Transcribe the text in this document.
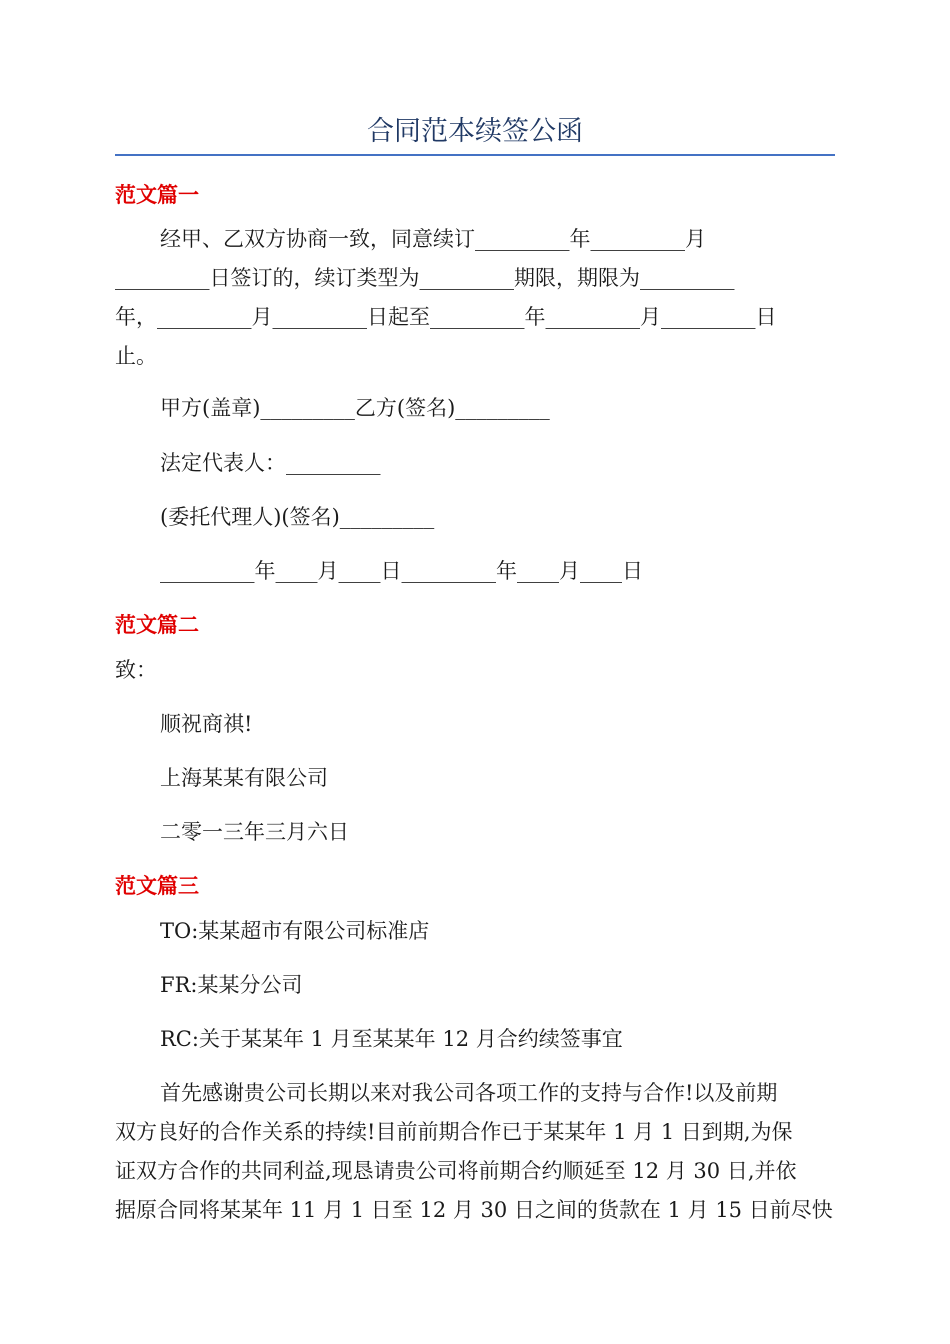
合同范本续签公函
范文篇一
经甲、乙双方协商一致，同意续订_________年_________月
_________日签订的，续订类型为_________期限，期限为_________
年，_________月_________日起至_________年_________月_________日
止。
甲方(盖章)_________乙方(签名)_________
法定代表人：_________
(委托代理人)(签名)_________
_________年____月____日_________年____月____日
范文篇二
致：
顺祝商祺!
上海某某有限公司
二零一三年三月六日
范文篇三
TO:某某超市有限公司标准店
FR:某某分公司
RC:关于某某年 1 月至某某年 12 月合约续签事宜
首先感谢贵公司长期以来对我公司各项工作的支持与合作!以及前期
双方良好的合作关系的持续!目前前期合作已于某某年 1 月 1 日到期,为保
证双方合作的共同利益,现恳请贵公司将前期合约顺延至 12 月 30 日,并依
据原合同将某某年 11 月 1 日至 12 月 30 日之间的货款在 1 月 15 日前尽快
